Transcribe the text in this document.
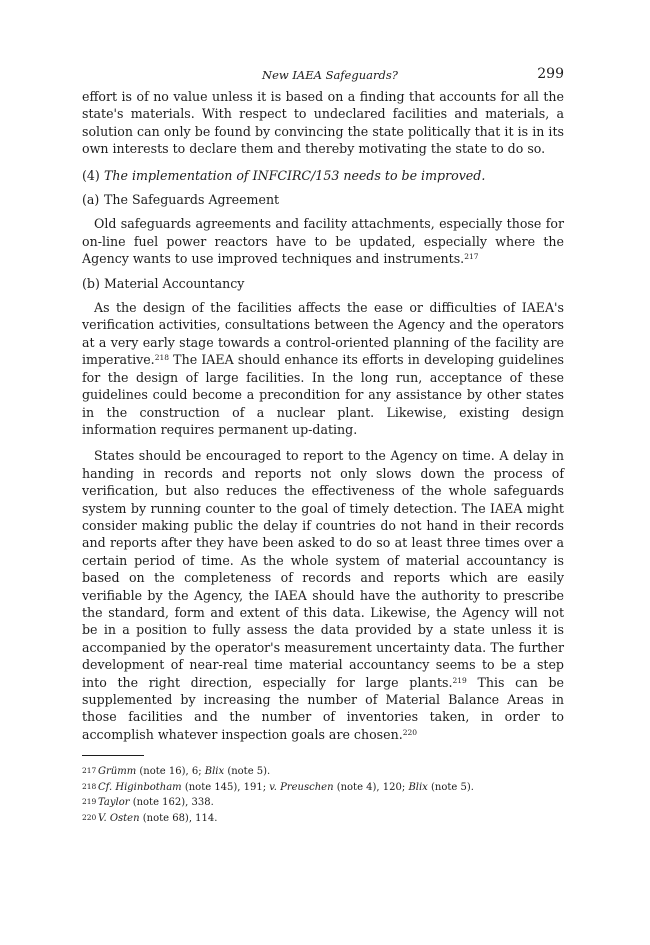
New IAEA Safeguards?	299

effort is of no value unless it is based on a finding that accounts for all the state's materials. With respect to undeclared facilities and materials, a solution can only be found by convincing the state politically that it is in its own interests to declare them and thereby motivating the state to do so.

(4) The implementation of INFCIRC/153 needs to be improved.

(a) The Safeguards Agreement

Old safeguards agreements and facility attachments, especially those for on-line fuel power reactors have to be updated, especially where the Agency wants to use improved techniques and instruments.$^{217}$

(b) Material Accountancy

As the design of the facilities affects the ease or difficulties of IAEA's verification activities, consultations between the Agency and the operators at a very early stage towards a control-oriented planning of the facility are imperative.$^{218}$ The IAEA should enhance its efforts in developing guidelines for the design of large facilities. In the long run, acceptance of these guidelines could become a precondition for any assistance by other states in the construction of a nuclear plant. Likewise, existing design information requires permanent up-dating.

States should be encouraged to report to the Agency on time. A delay in handing in records and reports not only slows down the process of verification, but also reduces the effectiveness of the whole safeguards system by running counter to the goal of timely detection. The IAEA might consider making public the delay if countries do not hand in their records and reports after they have been asked to do so at least three times over a certain period of time. As the whole system of material accountancy is based on the completeness of records and reports which are easily verifiable by the Agency, the IAEA should have the authority to prescribe the standard, form and extent of this data. Likewise, the Agency will not be in a position to fully assess the data provided by a state unless it is accompanied by the operator's measurement uncertainty data. The further development of near-real time material accountancy seems to be a step into the right direction, especially for large plants.$^{219}$ This can be supplemented by increasing the number of Material Balance Areas in those facilities and the number of inventories taken, in order to accomplish whatever inspection goals are chosen.$^{220}$

217 Grümm (note 16), 6; Blix (note 5).

218 Cf. Higinbotham (note 145), 191; v. Preuschen (note 4), 120; Blix (note 5).

219 Taylor (note 162), 338.

220 V. Osten (note 68), 114.
